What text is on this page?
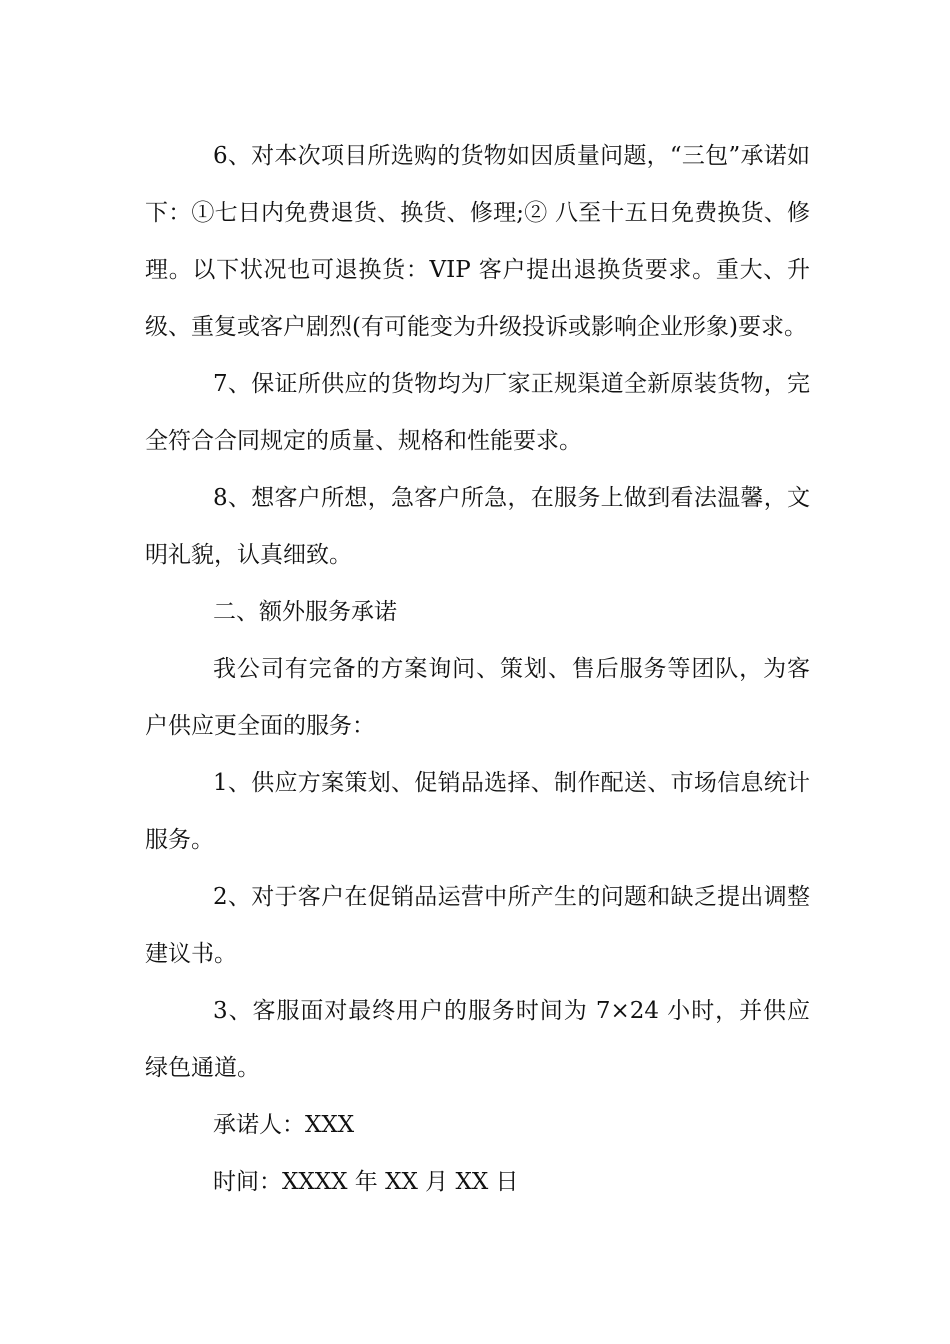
6、对本次项目所选购的货物如因质量问题，“三包”承诺如下：①七日内免费退货、换货、修理;② 八至十五日免费换货、修理。以下状况也可退换货：VIP 客户提出退换货要求。重大、升级、重复或客户剧烈(有可能变为升级投诉或影响企业形象)要求。

7、保证所供应的货物均为厂家正规渠道全新原装货物，完全符合合同规定的质量、规格和性能要求。

8、想客户所想，急客户所急，在服务上做到看法温馨，文明礼貌，认真细致。

二、额外服务承诺

我公司有完备的方案询问、策划、售后服务等团队，为客户供应更全面的服务：

1、供应方案策划、促销品选择、制作配送、市场信息统计服务。

2、对于客户在促销品运营中所产生的问题和缺乏提出调整建议书。

3、客服面对最终用户的服务时间为 7×24 小时，并供应绿色通道。

承诺人：XXX

时间：XXXX 年 XX 月 XX 日
